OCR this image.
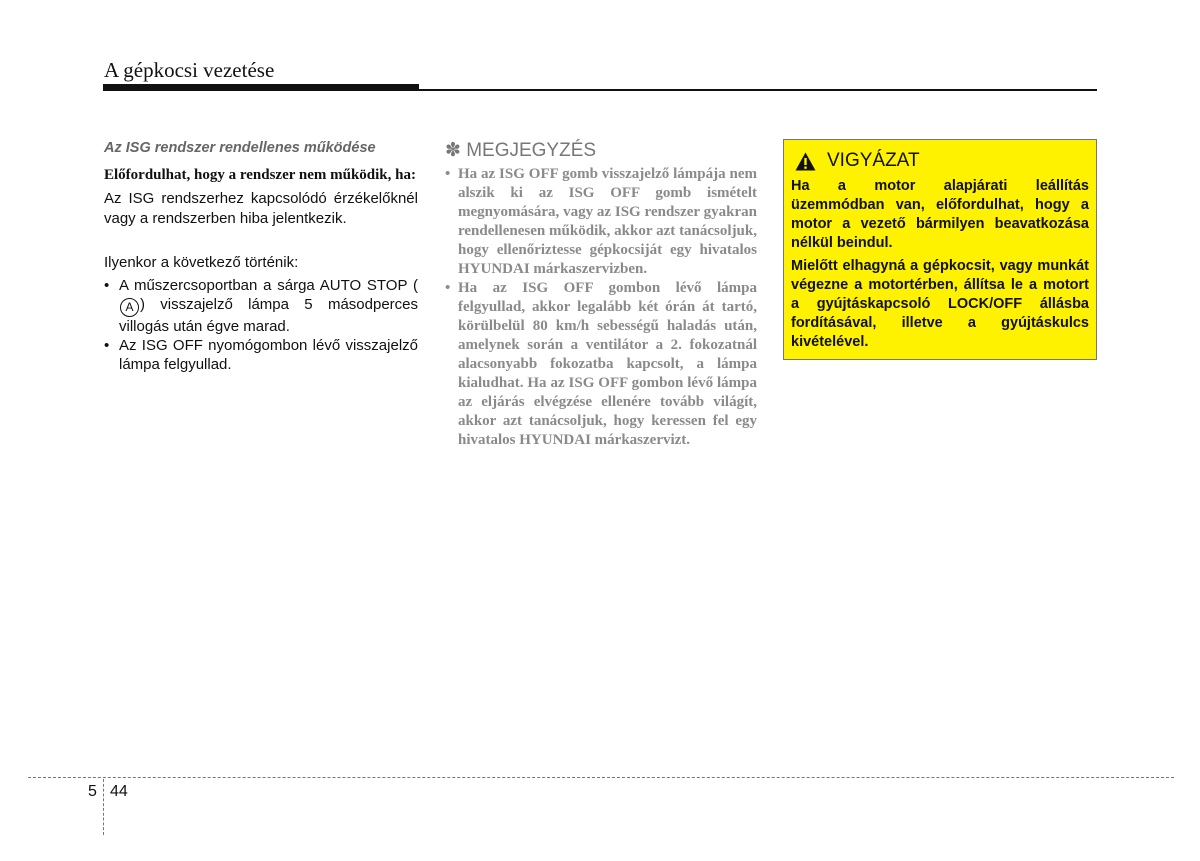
A gépkocsi vezetése

Az ISG rendszer rendellenes működése

Előfordulhat, hogy a rendszer nem működik, ha:

Az ISG rendszerhez kapcsolódó érzékelőknél vagy a rendszerben hiba jelentkezik.

Ilyenkor a következő történik:

• A műszercsoportban a sárga AUTO STOP (A ) visszajelző lámpa 5 másodperces villogás után égve marad.
• Az ISG OFF nyomógombon lévő visszajelző lámpa felgyullad.
✽ MEGJEGYZÉS
• Ha az ISG OFF gomb visszajelző lámpája nem alszik ki az ISG OFF gomb ismételt megnyomására, vagy az ISG rendszer gyakran rendellenesen működik, akkor azt tanácsoljuk, hogy ellenőriztesse gépkocsiját egy hivatalos HYUNDAI márkaszervizben.
• Ha az ISG OFF gombon lévő lámpa felgyullad, akkor legalább két órán át tartó, körülbelül 80 km/h sebességű haladás után, amelynek során a ventilátor a 2. fokozatnál alacsonyabb fokozatba kapcsolt, a lámpa kialudhat. Ha az ISG OFF gombon lévő lámpa az eljárás elvégzése ellenére tovább világít, akkor azt tanácsoljuk, hogy keressen fel egy hivatalos HYUNDAI márkaszervizt.
VIGYÁZAT

Ha a motor alapjárati leállítás üzemmódban van, előfordulhat, hogy a motor a vezető bármilyen beavatkozása nélkül beindul.

Mielőtt elhagyná a gépkocsit, vagy munkát végezne a motortérben, állítsa le a motort a gyújtáskapcsoló LOCK/OFF állásba fordításával, illetve a gyújtáskulcs kivételével.

5 44
